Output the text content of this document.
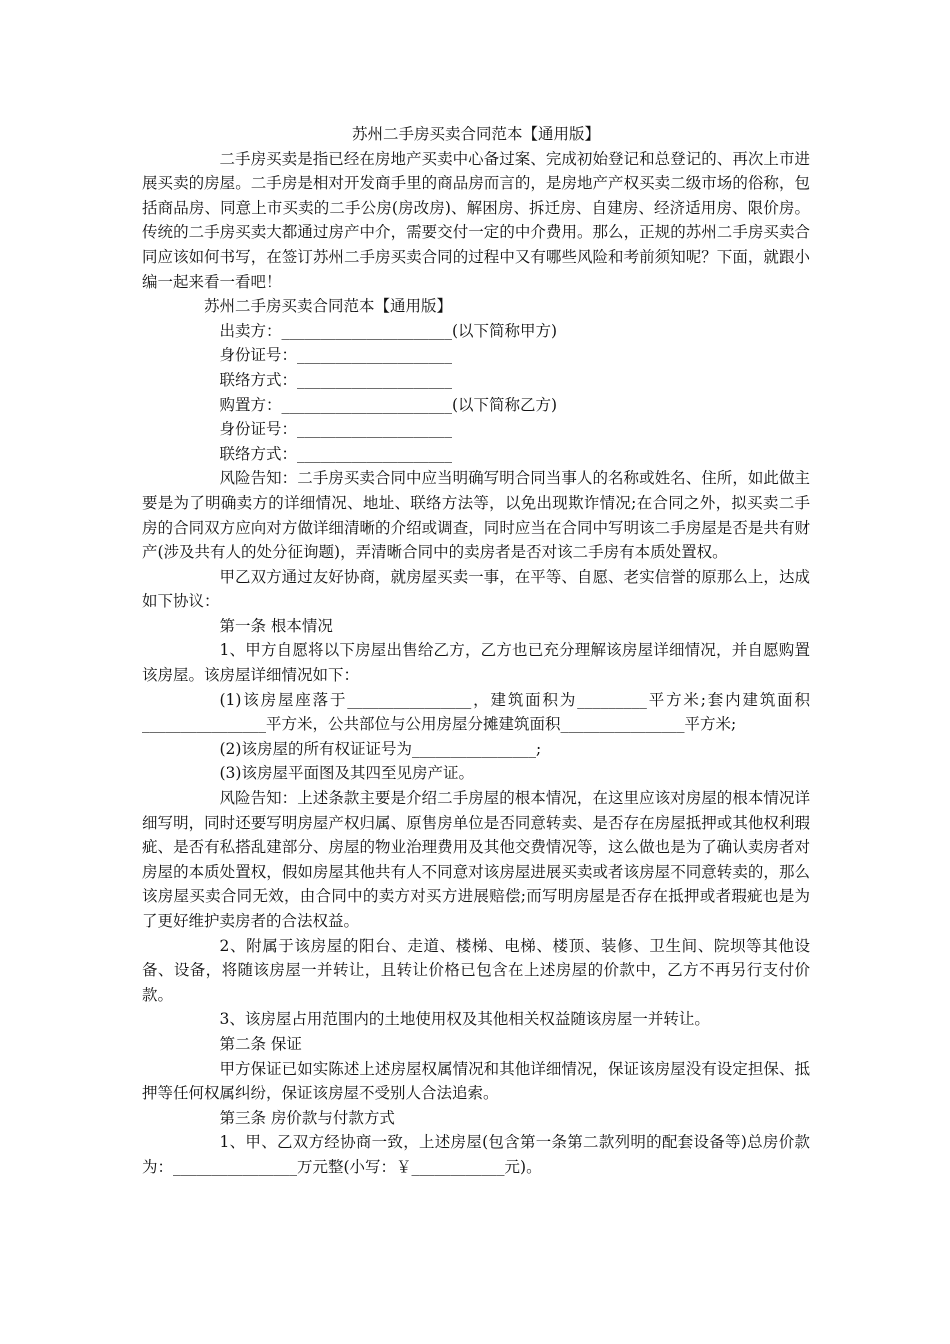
苏州二手房买卖合同范本【通用版】

二手房买卖是指已经在房地产买卖中心备过案、完成初始登记和总登记的、再次上市进展买卖的房屋。二手房是相对开发商手里的商品房而言的，是房地产产权买卖二级市场的俗称，包括商品房、同意上市买卖的二手公房(房改房)、解困房、拆迁房、自建房、经济适用房、限价房。传统的二手房买卖大都通过房产中介，需要交付一定的中介费用。那么，正规的苏州二手房买卖合同应该如何书写，在签订苏州二手房买卖合同的过程中又有哪些风险和考前须知呢？下面，就跟小编一起来看一看吧！

苏州二手房买卖合同范本【通用版】

出卖方：______________________(以下简称甲方)

身份证号：____________________

联络方式：____________________

购置方：______________________(以下简称乙方)

身份证号：____________________

联络方式：____________________

风险告知：二手房买卖合同中应当明确写明合同当事人的名称或姓名、住所，如此做主要是为了明确卖方的详细情况、地址、联络方法等，以免出现欺诈情况;在合同之外，拟买卖二手房的合同双方应向对方做详细清晰的介绍或调查，同时应当在合同中写明该二手房屋是否是共有财产(涉及共有人的处分征询题)，弄清晰合同中的卖房者是否对该二手房有本质处置权。

甲乙双方通过友好协商，就房屋买卖一事，在平等、自愿、老实信誉的原那么上，达成如下协议：

第一条 根本情况

1、甲方自愿将以下房屋出售给乙方，乙方也已充分理解该房屋详细情况，并自愿购置该房屋。该房屋详细情况如下：

(1)该房屋座落于________________，建筑面积为_________平方米;套内建筑面积________________平方米，公共部位与公用房屋分摊建筑面积________________平方米;

(2)该房屋的所有权证证号为________________;

(3)该房屋平面图及其四至见房产证。

风险告知：上述条款主要是介绍二手房屋的根本情况，在这里应该对房屋的根本情况详细写明，同时还要写明房屋产权归属、原售房单位是否同意转卖、是否存在房屋抵押或其他权利瑕疵、是否有私搭乱建部分、房屋的物业治理费用及其他交费情况等，这么做也是为了确认卖房者对房屋的本质处置权，假如房屋其他共有人不同意对该房屋进展买卖或者该房屋不同意转卖的，那么该房屋买卖合同无效，由合同中的卖方对买方进展赔偿;而写明房屋是否存在抵押或者瑕疵也是为了更好维护卖房者的合法权益。

2、附属于该房屋的阳台、走道、楼梯、电梯、楼顶、装修、卫生间、院坝等其他设备、设备，将随该房屋一并转让，且转让价格已包含在上述房屋的价款中，乙方不再另行支付价款。

3、该房屋占用范围内的土地使用权及其他相关权益随该房屋一并转让。

第二条 保证

甲方保证已如实陈述上述房屋权属情况和其他详细情况，保证该房屋没有设定担保、抵押等任何权属纠纷，保证该房屋不受别人合法追索。

第三条 房价款与付款方式

1、甲、乙双方经协商一致，上述房屋(包含第一条第二款列明的配套设备等)总房价款为：________________万元整(小写：￥____________元)。
